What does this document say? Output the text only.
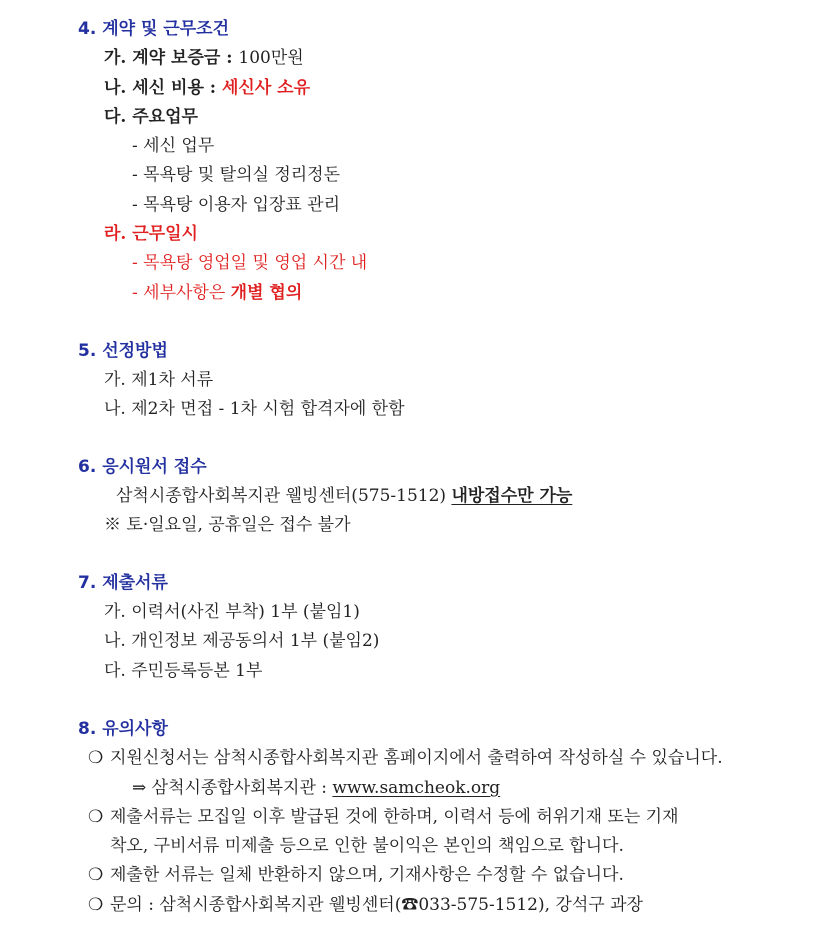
4. 계약 및 근무조건
가. 계약 보증금 : 100만원
나. 세신 비용 : 세신사 소유
다. 주요업무
- 세신 업무
- 목욕탕 및 탈의실 정리정돈
- 목욕탕 이용자 입장표 관리
라. 근무일시
- 목욕탕 영업일 및 영업 시간 내
- 세부사항은 개별 협의
5. 선정방법
가. 제1차 서류
나. 제2차 면접 - 1차 시험 합격자에 한함
6. 응시원서 접수
삼척시종합사회복지관 웰빙센터(575-1512) 내방접수만 가능
※ 토·일요일, 공휴일은 접수 불가
7. 제출서류
가. 이력서(사진 부착) 1부 (붙임1)
나. 개인정보 제공동의서 1부 (붙임2)
다. 주민등록등본 1부
8. 유의사항
❍ 지원신청서는 삼척시종합사회복지관 홈페이지에서 출력하여 작성하실 수 있습니다.
⇒ 삼척시종합사회복지관 : www.samcheok.org
❍ 제출서류는 모집일 이후 발급된 것에 한하며, 이력서 등에 허위기재 또는 기재
착오, 구비서류 미제출 등으로 인한 불이익은 본인의 책임으로 합니다.
❍ 제출한 서류는 일체 반환하지 않으며, 기재사항은 수정할 수 없습니다.
❍ 문의 : 삼척시종합사회복지관 웰빙센터(☎033-575-1512), 강석구 과장
